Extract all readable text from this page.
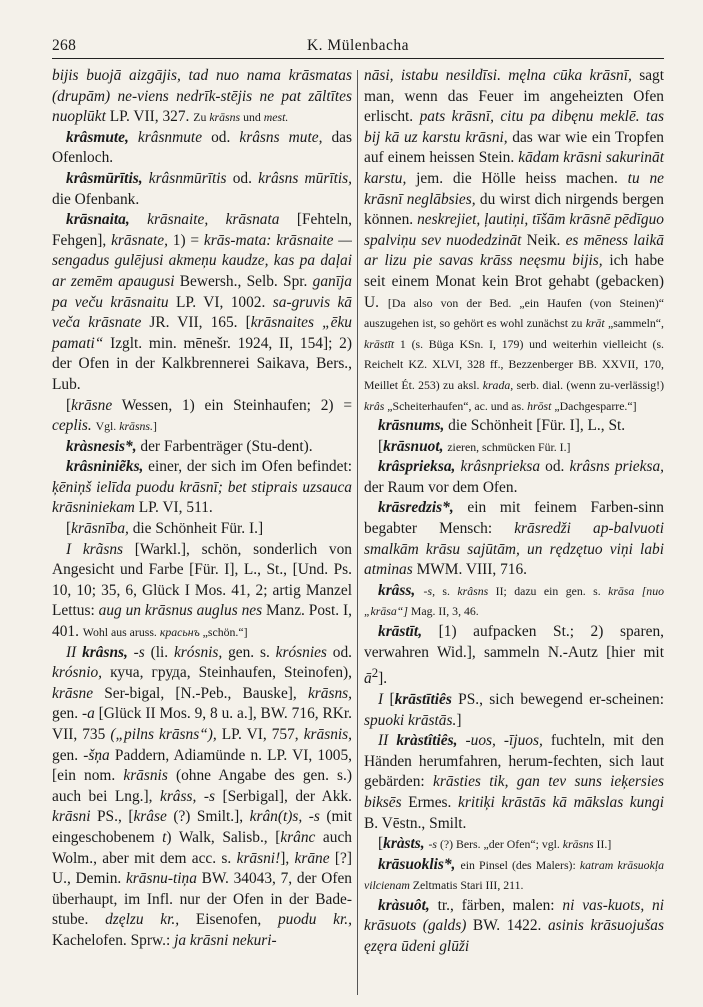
268	K. Mülenbacha

bijis buojā aizgājis, tad nuo nama krāsmatas (drupām) ne-viens nedrīk-stējis ne pat zāltītes nuoplūkt LP. VII, 327. Zu krāsns und mest.

krâsmute, krâsnmute od. krâsns mute, das Ofenloch.

krâsmūrītis, krâsnmūrītis od. krâsns mūrītis, die Ofenbank.

krāsnaita, krāsnaite, krāsnata [Fehteln, Fehgen], krāsnate, 1) = krās-mata: krāsnaite — sengadus gulējusi akmeņu kaudze, kas pa daļai ar zemēm apaugusi Bewersh., Selb. Spr. ganīja pa veču krāsnaitu LP. VI, 1002. sa-gruvis kā veča krāsnate JR. VII, 165. [krāsnaites „ēku pamati“ Izglt. min. mēnešr. 1924, II, 154]; 2) der Ofen in der Kalkbrennerei Saikava, Bers., Lub.

[krāsne Wessen, 1) ein Steinhaufen; 2) = ceplis. Vgl. krāsns.]

kràsnesis*, der Farbenträger (Stu-dent).

krâsniniẽks, einer, der sich im Ofen befindet: ķēniņš ielīda puodu krāsnī; bet stiprais uzsauca krāsniniekam LP. VI, 511.

[krāsnība, die Schönheit Für. I.]

I krãsns [Warkl.], schön, sonderlich von Angesicht und Farbe [Für. I], L., St., [Und. Ps. 10, 10; 35, 6, Glück I Mos. 41, 2; artig Manzel Lettus: aug un krāsnus auglus nes Manz. Post. I, 401. Wohl aus aruss. красьнъ „schön.“]

II krâsns, -s (li. krósnis, gen. s. krósnies od. krósnio, куча, груда, Steinhaufen, Steinofen), krāsne Ser-bigal, [N.-Peb., Bauske], krāsns, gen. -a [Glück II Mos. 9, 8 u. a.], BW. 716, RKr. VII, 735 („pilns krāsns“), LP. VI, 757, krāsnis, gen. -šņa Paddern, Adiamünde n. LP. VI, 1005, [ein nom. krāsnis (ohne Angabe des gen. s.) auch bei Lng.], krâss, -s [Serbigal], der Akk. krāsni PS., [krâse (?) Smilt.], krân(t)s, -s (mit eingeschobenem t) Walk, Salisb., [krânc auch Wolm., aber mit dem acc. s. krāsni!], krāne [?] U., Demin. krāsnu-tiņa BW. 34043, 7, der Ofen überhaupt, im Infl. nur der Ofen in der Bade-stube. dzęlzu kr., Eisenofen, puodu kr., Kachelofen. Sprw.: ja krāsni nekuri-

nāsi, istabu nesildīsi. męlna cūka krāsnī, sagt man, wenn das Feuer im angeheizten Ofen erlischt. pats krāsnī, citu pa dibęnu meklē. tas bij kā uz karstu krāsni, das war wie ein Tropfen auf einem heissen Stein. kādam krāsni sakurināt karstu, jem. die Hölle heiss machen. tu ne krāsnī neglābsies, du wirst dich nirgends bergen können. neskrejiet, ļautiņi, tīšām krāsnē pēdīguo spalviņu sev nuodedzināt Neik. es mēness laikā ar lizu pie savas krāss neęsmu bijis, ich habe seit einem Monat kein Brot gehabt (gebacken) U. [Da also von der Bed. „ein Haufen (von Steinen)“ auszugehen ist, so gehört es wohl zunächst zu krāt „sammeln“, krāstīt 1 (s. Büga KSn. I, 179) und weiterhin vielleicht (s. Reichelt KZ. XLVI, 328 ff., Bezzenberger BB. XXVII, 170, Meillet Ét. 253) zu aksl. krada, serb. dial. (wenn zu-verlässig!) krâs „Scheiterhaufen“, ac. und as. hrōst „Dachgesparre.“]

krāsnums, die Schönheit [Für. I], L., St.

[krāsnuot, zieren, schmücken Für. I.]

krâsprieksa, krâsnprieksa od. krâsns prieksa, der Raum vor dem Ofen.

krāsredzis*, ein mit feinem Farben-sinn begabter Mensch: krāsredži ap-balvuoti smalkām krāsu sajūtām, un rędzętuo viņi labi atminas MWM. VIII, 716.

krâss, -s, s. krâsns II; dazu ein gen. s. krāsa [nuo „krāsa“] Mag. II, 3, 46.

krāstīt, [1) aufpacken St.; 2) sparen, verwahren Wid.], sammeln N.-Autz [hier mit $ā^2$].

I [krāstītiês PS., sich bewegend er-scheinen: spuoki krāstās.]

II kràstîtiês, -uos, -ījuos, fuchteln, mit den Händen herumfahren, herum-fechten, sich laut gebärden: krāsties tik, gan tev suns ieķersies biksēs Ermes. kritiķi krāstās kā mākslas kungi B. Vēstn., Smilt.

[kràsts, -s (?) Bers. „der Ofen“; vgl. krāsns II.]

krāsuoklis*, ein Pinsel (des Malers): katram krāsuokļa vilcienam Zeltmatis Stari III, 211.

kràsuôt, tr., färben, malen: ni vas-kuots, ni krāsuots (galds) BW. 1422. asinis krāsuojušas ęzęra ūdeni glūži
